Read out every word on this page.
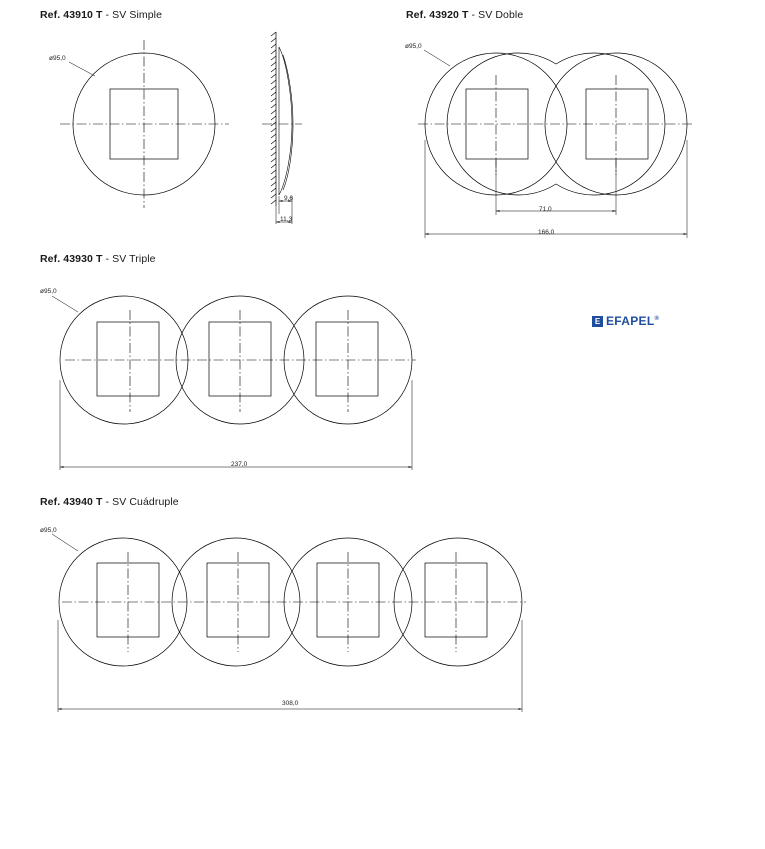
Ref. 43910 T - SV Simple	Ref. 43920 T - SV Doble
Ref. 43930 T - SV Triple
Ref. 43940 T - SV Cuádruple
ø95,0
ø95,0
ø95,0
ø95,0
9,6
11,3
71,0
166,0
237,0
308,0
E EFAPEL®
